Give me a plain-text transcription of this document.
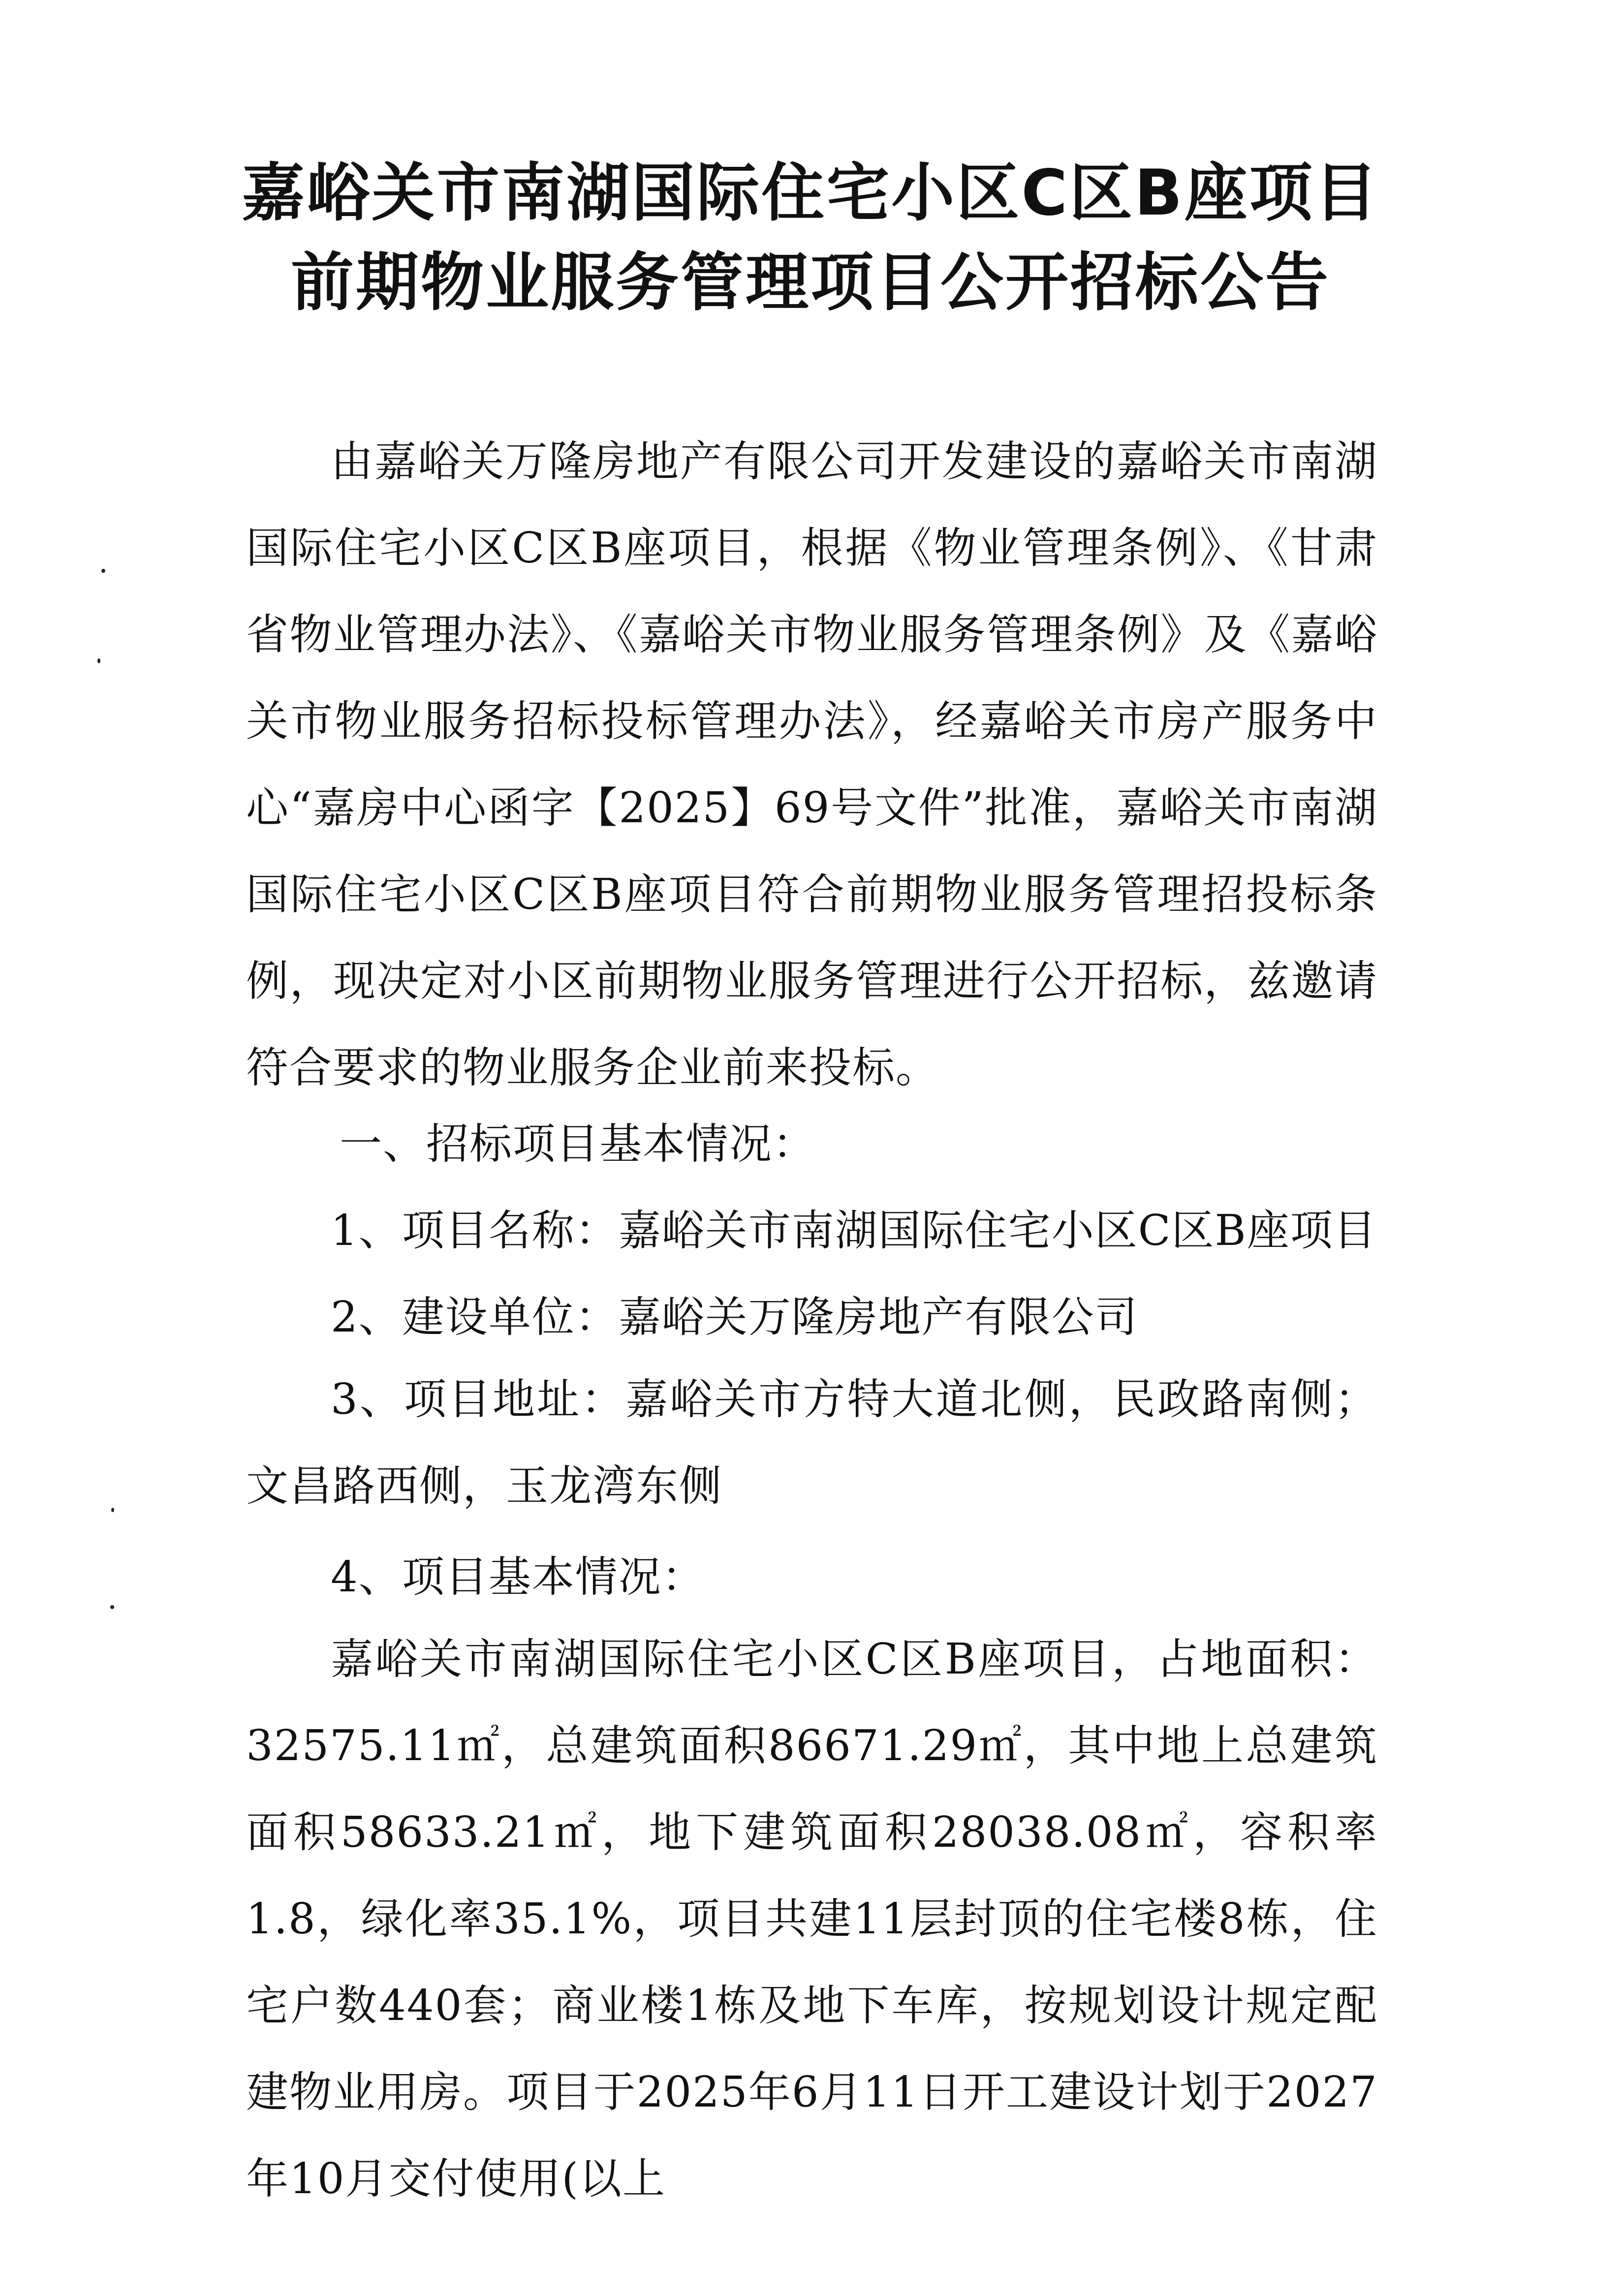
嘉峪关市南湖国际住宅小区C区B座项目
前期物业服务管理项目公开招标公告
由嘉峪关万隆房地产有限公司开发建设的嘉峪关市南湖国际住宅小区C区B座项目，根据《物业管理条例》、《甘肃省物业管理办法》、《嘉峪关市物业服务管理条例》及《嘉峪关市物业服务招标投标管理办法》，经嘉峪关市房产服务中心“嘉房中心函字【2025】69号文件”批准，嘉峪关市南湖国际住宅小区C区B座项目符合前期物业服务管理招投标条例，现决定对小区前期物业服务管理进行公开招标，兹邀请符合要求的物业服务企业前来投标。
一、招标项目基本情况：
1、项目名称：嘉峪关市南湖国际住宅小区C区B座项目
2、建设单位：嘉峪关万隆房地产有限公司
3、项目地址：嘉峪关市方特大道北侧，民政路南侧；文昌路西侧，玉龙湾东侧
4、项目基本情况：
嘉峪关市南湖国际住宅小区C区B座项目，占地面积：32575.11㎡，总建筑面积86671.29㎡，其中地上总建筑面积58633.21㎡，地下建筑面积28038.08㎡，容积率1.8，绿化率35.1%，项目共建11层封顶的住宅楼8栋，住宅户数440套；商业楼1栋及地下车库，按规划设计规定配建物业用房。项目于2025年6月11日开工建设计划于2027年10月交付使用(以上
